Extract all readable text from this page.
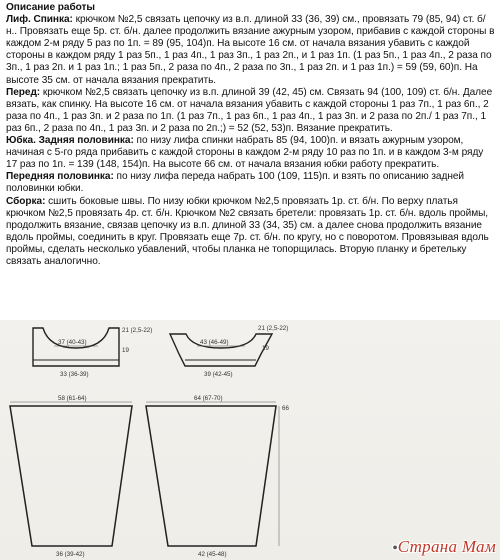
Описание работы

Лиф. Спинка: крючком №2,5 связать цепочку из в.п. длиной 33 (36, 39) см., провязать 79 (85, 94) ст. б/н.. Провязать еще 5р. ст. б/н. далее продолжить вязание ажурным узором, прибавив с каждой стороны в каждом 2-м ряду 5 раз по 1п. = 89 (95, 104)п. На высоте 16 см. от начала вязания убавить с каждой стороны в каждом ряду 1 раз 5п., 1 раз 4п., 1 раз 3п., 1 раз 2п., и 1 раз 1п. (1 раз 5п., 1 раз 4п., 2 раза по 3п., 1 раз 2п. и 1 раз 1п.; 1 раз 5п., 2 раза по 4п., 2 раза по 3п., 1 раз 2п. и 1 раз 1п.) = 59 (59, 60)п. На высоте 35 см. от начала вязания прекратить.

Перед: крючком №2,5 связать цепочку из в.п. длиной 39 (42, 45) см. Связать 94 (100, 109) ст. б/н. Далее вязать, как спинку. На высоте 16 см. от начала вязания убавить с каждой стороны 1 раз 7п., 1 раз 6п., 2 раза по 4п., 1 раз 3п. и 2 раза по 1п. (1 раз 7п., 1 раз 6п., 1 раз 4п., 1 раз 3п. и 2 раза по 2п./ 1 раз 7п., 1 раз 6п., 2 раза по 4п., 1 раз 3п. и 2 раза по 2п.;) = 52 (52, 53)п. Вязание прекратить.

Юбка. Задняя половинка: по низу лифа спинки набрать 85 (94, 100)п. и вязать ажурным узором, начиная с 5-го ряда прибавить с каждой стороны в каждом 2-м ряду 10 раз по 1п. и в каждом 3-м ряду 17 раз по 1п. = 139 (148, 154)п. На высоте 66 см. от начала вязания юбки работу прекратить.

Передняя половинка: по низу лифа переда набрать 100 (109, 115)п. и взять по описанию задней половинки юбки.

Сборка: сшить боковые швы. По низу юбки крючком №2,5 провязать 1р. ст. б/н. По верху платья крючком №2,5 провязать 4р. ст. б/н. Крючком №2 связать бретели: провязать 1р. ст. б/н. вдоль проймы, продолжить вязание, связав цепочку из в.п. длиной 33 (34, 35) см. а далее снова продолжить вязание вдоль проймы, соединить в круг. Провязать еще 7р. ст. б/н. по кругу, но с поворотом. Провязывая вдоль проймы, сделать несколько убавлений, чтобы планка не топорщилась. Вторую планку и бретельку связать аналогично.

37 (40-43)
33 (36-39)
19
21 (2,5-22)
43 (46-49)
39 (42-45)
19
21 (2,5-22)
58 (61-64)
36 (39-42)
64 (67-70)
42 (45-48)
66
•Страна Мам
